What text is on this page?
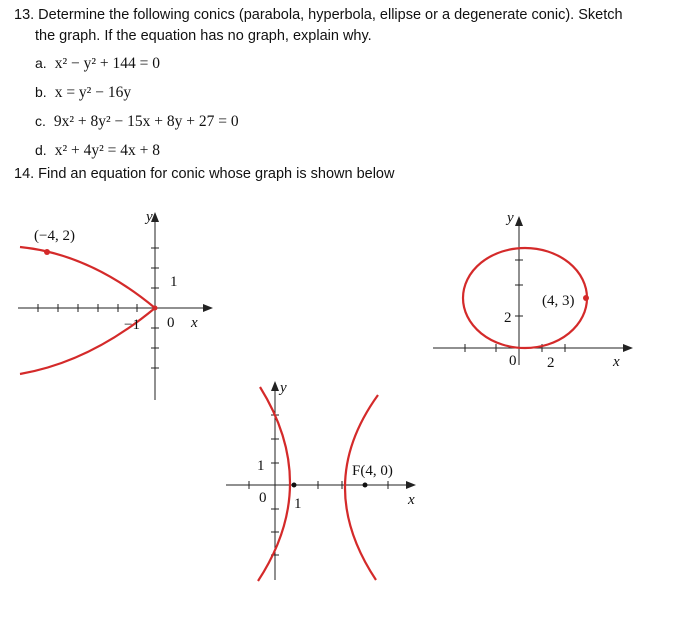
13. Determine the following conics (parabola, hyperbola, ellipse or a degenerate conic). Sketch
the graph. If the equation has no graph, explain why.
a. x² − y² + 144 = 0
b. x = y² − 16y
c. 9x² + 8y² − 15x + 8y + 27 = 0
d. x² + 4y² = 4x + 8
14. Find an equation for conic whose graph is shown below
(−4, 2)
y
1
−1 0 x
y
(4, 3)
2
0 2	x
y
1	F(4, 0)
0 1	x
